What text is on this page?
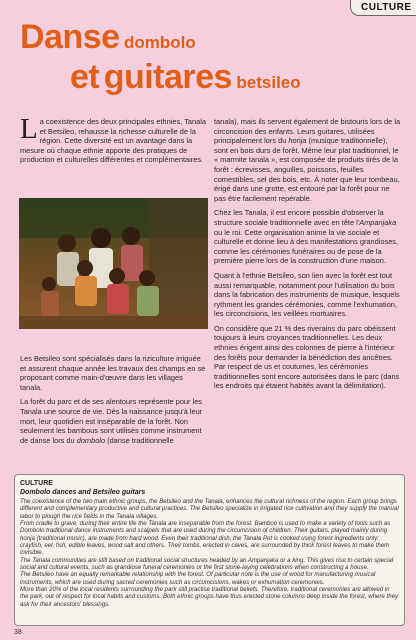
CULTURE
Danse dombolo
et guitares betsileo

La coexistence des deux principales ethnies, Tanala et Betsileo, rehausse la richesse culturelle de la région. Cette diversité est un avantage dans la mesure où chaque ethnie apporte des pratiques de production et culturelles différentes et complémentaires.

Les Betsileo sont spécialisés dans la riziculture irriguée et assurent chaque année les travaux des champs en se proposant comme main-d'œuvre dans les villages tanala.

La forêt du parc et de ses alentours représente pour les Tanala une source de vie. Dès la naissance jusqu'à leur mort, leur quotidien est inséparable de la forêt. Non seulement les bambous sont utilisés comme instrument de danse lors du dombolo (danse traditionnelle

tanala), mais ils servent également de bistouris lors de la circoncision des enfants. Leurs guitares, utilisées principalement lors du hoṅja (musique traditionnelle), sont en bois durs de forêt. Même leur plat traditionnel, le « marmite tanala », est composée de produits tirés de la forêt : écrevisses, anguilles, poissons, feuilles comestibles, sel des bois, etc. À noter que leur tombeau, érigé dans une grotte, est entouré par la forêt pour ne pas être facilement repérable.

Chez les Tanala, il est encore possible d'observer la structure sociale traditionnelle avec en tête l'Ampanjaka ou le roi. Cette organisation anime la vie sociale et culturelle et donne lieu à des manifestations grandioses, comme les cérémonies funéraires ou de pose de la première pierre lors de la construction d'une maison.

Quant à l'ethnie Betsileo, son lien avec la forêt est tout aussi remarquable, notamment pour l'utilisation du bois dans la fabrication des instruments de musique, lesquels rythment les grandes cérémonies, comme l'exhumation, les circoncisions, les veillées mortuaires.

On considère que 21 % des riverains du parc obéissent toujours à leurs croyances traditionnelles. Les deux ethnies érigent ainsi des colonnes de pierre à l'intérieur des forêts pour demander la bénédiction des ancêtres. Par respect de us et coutumes, les cérémonies traditionnelles sont encore autorisées dans le parc (dans les endroits qui étaient habités avant la délimitation).

CULTURE
Dombolo dances and Betsileo guitars

The coexistence of the two main ethnic groups, the Betsileo and the Tanala, enhances the cultural richness of the region. Each group brings different and complementary productive and cultural practices. The Betsileo specialize in irrigated rice cultivation and they supply the manual labor to plough the rice fields in the Tanala villages.

From cradle to grave, during their entire life the Tanala are inseparable from the forest. Bamboo is used to make a variety of tools such as Dombolo traditional dance instruments and scalpels that are used during the circumcision of children. Their guitars, played mainly during honja (traditional music), are made from hard wood. Even their traditional dish, the Tanala Pot is cooked using forest ingredients only: crayfish, eel, fish, edible leaves, wood salt and others. Their tombs, erected in caves, are surrounded by thick forest leaves to make them invisible.

The Tanala communities are still based on traditional social structures headed by an Ampanjaka or a king. This gives rise to certain special social and cultural events, such as grandiose funeral ceremonies or the first stone-laying celebrations when constructing a house.

The Betsileo have an equally remarkable relationship with the forest. Of particular note is the use of wood for manufacturing musical instruments, which are used during sacred ceremonies such as circumcisions, wakes or exhumation ceremonies.

More than 20% of the local residents surrounding the park still practise traditional beliefs. Therefore, traditional ceremonies are allowed in the park, out of respect for local habits and customs. Both ethnic groups have thus erected stone columns deep inside the forest, where they ask for their ancestors' blessings.

38
